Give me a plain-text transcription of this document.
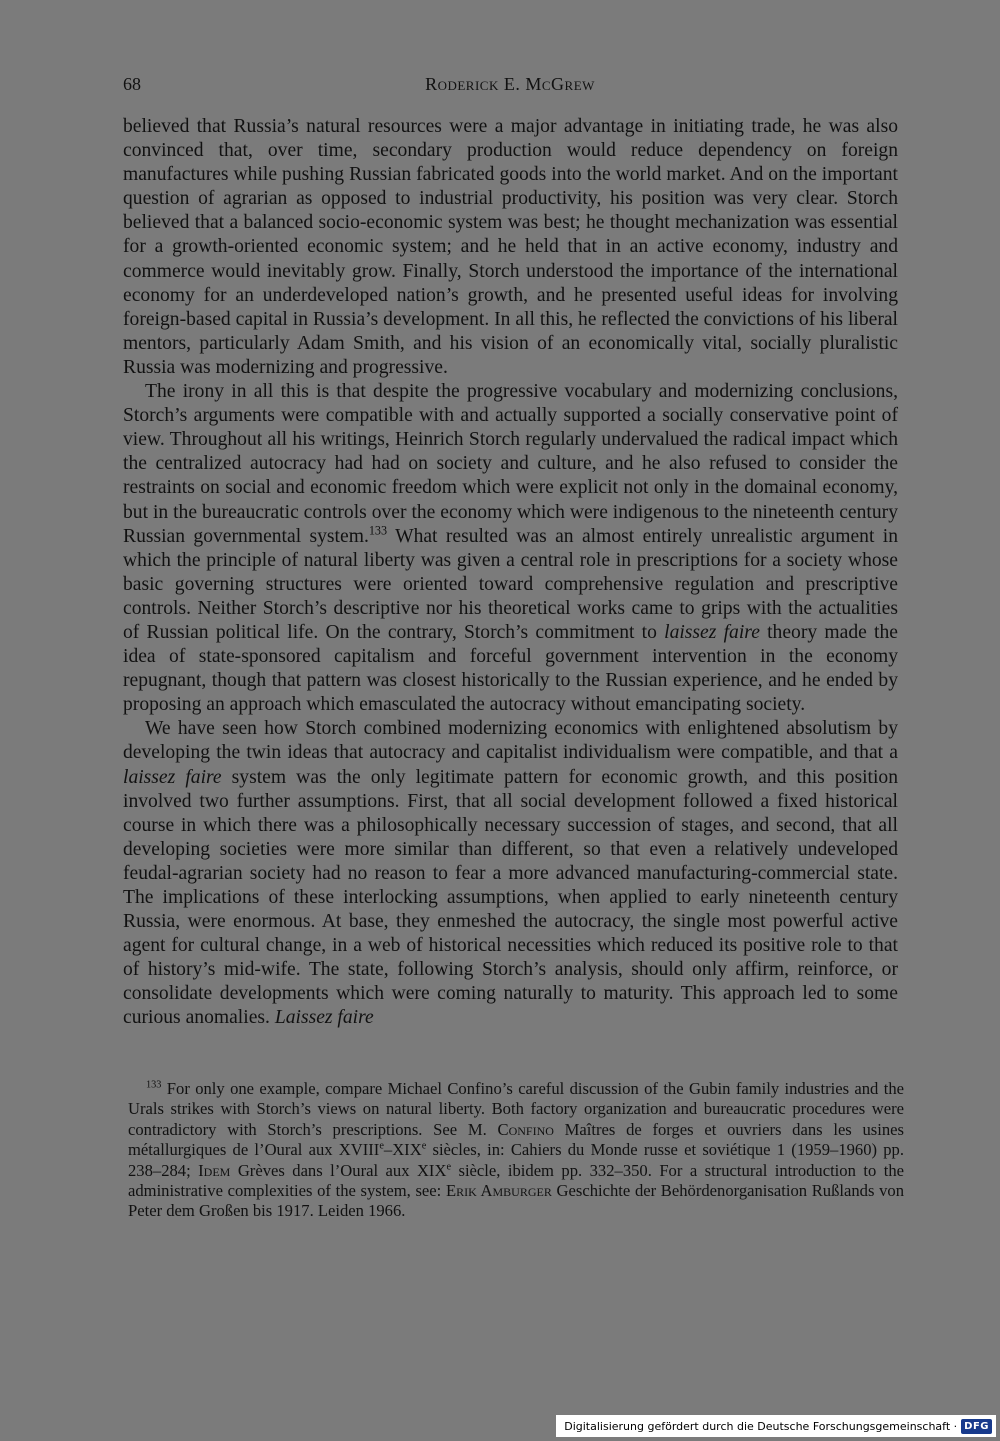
68	Roderick E. McGrew

believed that Russia’s natural resources were a major advantage in initiating trade, he was also convinced that, over time, secondary production would reduce dependency on foreign manufactures while pushing Russian fabricated goods into the world market. And on the important question of agrarian as opposed to industrial productivity, his position was very clear. Storch believed that a balanced socio-economic system was best; he thought mechanization was essential for a growth-oriented economic system; and he held that in an active economy, industry and commerce would inevitably grow. Finally, Storch understood the importance of the international economy for an underdeveloped nation’s growth, and he presented useful ideas for involving foreign-based capital in Russia’s development. In all this, he reflected the convictions of his liberal mentors, particularly Adam Smith, and his vision of an economically vital, socially pluralistic Russia was modernizing and progressive.

The irony in all this is that despite the progressive vocabulary and modernizing conclusions, Storch’s arguments were compatible with and actually supported a socially conservative point of view. Throughout all his writings, Heinrich Storch regularly undervalued the radical impact which the centralized autocracy had had on society and culture, and he also refused to consider the restraints on social and economic freedom which were explicit not only in the domainal economy, but in the bureaucratic controls over the economy which were indigenous to the nineteenth century Russian governmental system.$^{133}$ What resulted was an almost entirely unrealistic argument in which the principle of natural liberty was given a central role in prescriptions for a society whose basic governing structures were oriented toward comprehensive regulation and prescriptive controls. Neither Storch’s descriptive nor his theoretical works came to grips with the actualities of Russian political life. On the contrary, Storch’s commitment to laissez faire theory made the idea of state-sponsored capitalism and forceful government intervention in the economy repugnant, though that pattern was closest historically to the Russian experience, and he ended by proposing an approach which emasculated the autocracy without emancipating society.

We have seen how Storch combined modernizing economics with enlightened absolutism by developing the twin ideas that autocracy and capitalist individualism were compatible, and that a laissez faire system was the only legitimate pattern for economic growth, and this position involved two further assumptions. First, that all social development followed a fixed historical course in which there was a philosophically necessary succession of stages, and second, that all developing societies were more similar than different, so that even a relatively undeveloped feudal-agrarian society had no reason to fear a more advanced manufacturing-commercial state. The implications of these interlocking assumptions, when applied to early nineteenth century Russia, were enormous. At base, they enmeshed the autocracy, the single most powerful active agent for cultural change, in a web of historical necessities which reduced its positive role to that of history’s mid-wife. The state, following Storch’s analysis, should only affirm, reinforce, or consolidate developments which were coming naturally to maturity. This approach led to some curious anomalies. Laissez faire

$^{133}$ For only one example, compare Michael Confino’s careful discussion of the Gubin family industries and the Urals strikes with Storch’s views on natural liberty. Both factory organization and bureaucratic procedures were contradictory with Storch’s prescriptions. See M. Confino Maîtres de forges et ouvriers dans les usines métallurgiques de l’Oural aux XVIIIe–XIXe siècles, in: Cahiers du Monde russe et soviétique 1 (1959–1960) pp. 238–284; Idem Grèves dans l’Oural aux XIXe siècle, ibidem pp. 332–350. For a structural introduction to the administrative complexities of the system, see: Erik Amburger Geschichte der Behördenorganisation Rußlands von Peter dem Großen bis 1917. Leiden 1966.

Digitalisierung gefördert durch die Deutsche Forschungsgemeinschaft · DFG
